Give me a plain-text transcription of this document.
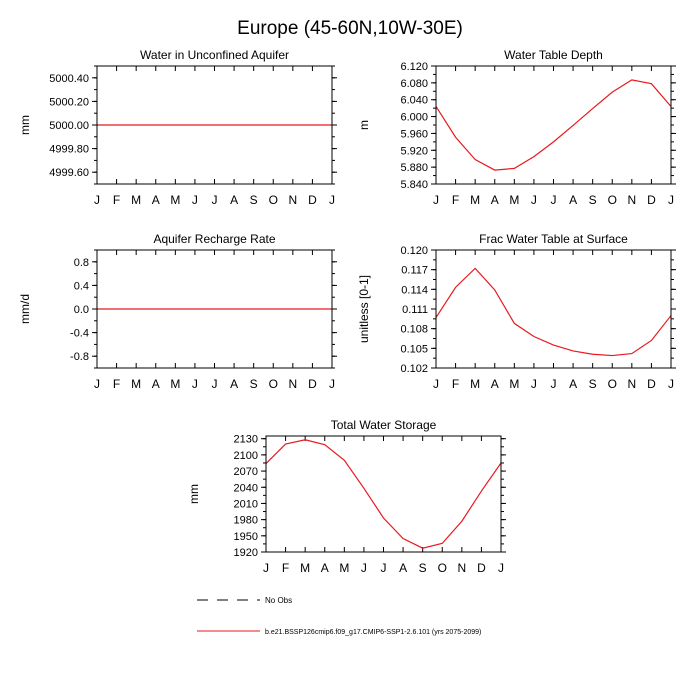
Europe (45-60N,10W-30E)
Water in Unconfined Aquifer
mm
J F M A M J J A S O N D J
4999.60
4999.80
5000.00
5000.20
5000.40
Water Table Depth
m
J F M A M J J A S O N D J
5.840
5.880
5.920
5.960
6.000
6.040
6.080
6.120
Aquifer Recharge Rate
mm/d
J F M A M J J A S O N D J
-0.8
-0.4
0.0
0.4
0.8
Frac Water Table at Surface
unitless [0-1]
J F M A M J J A S O N D J
0.102
0.105
0.108
0.111
0.114
0.117
0.120
Total Water Storage
mm
J F M A M J J A S O N D J
1920
1950
1980
2010
2040
2070
2100
2130
No Obs
b.e21.BSSP126cmip6.f09_g17.CMIP6-SSP1-2.6.101 (yrs 2075-2099)
